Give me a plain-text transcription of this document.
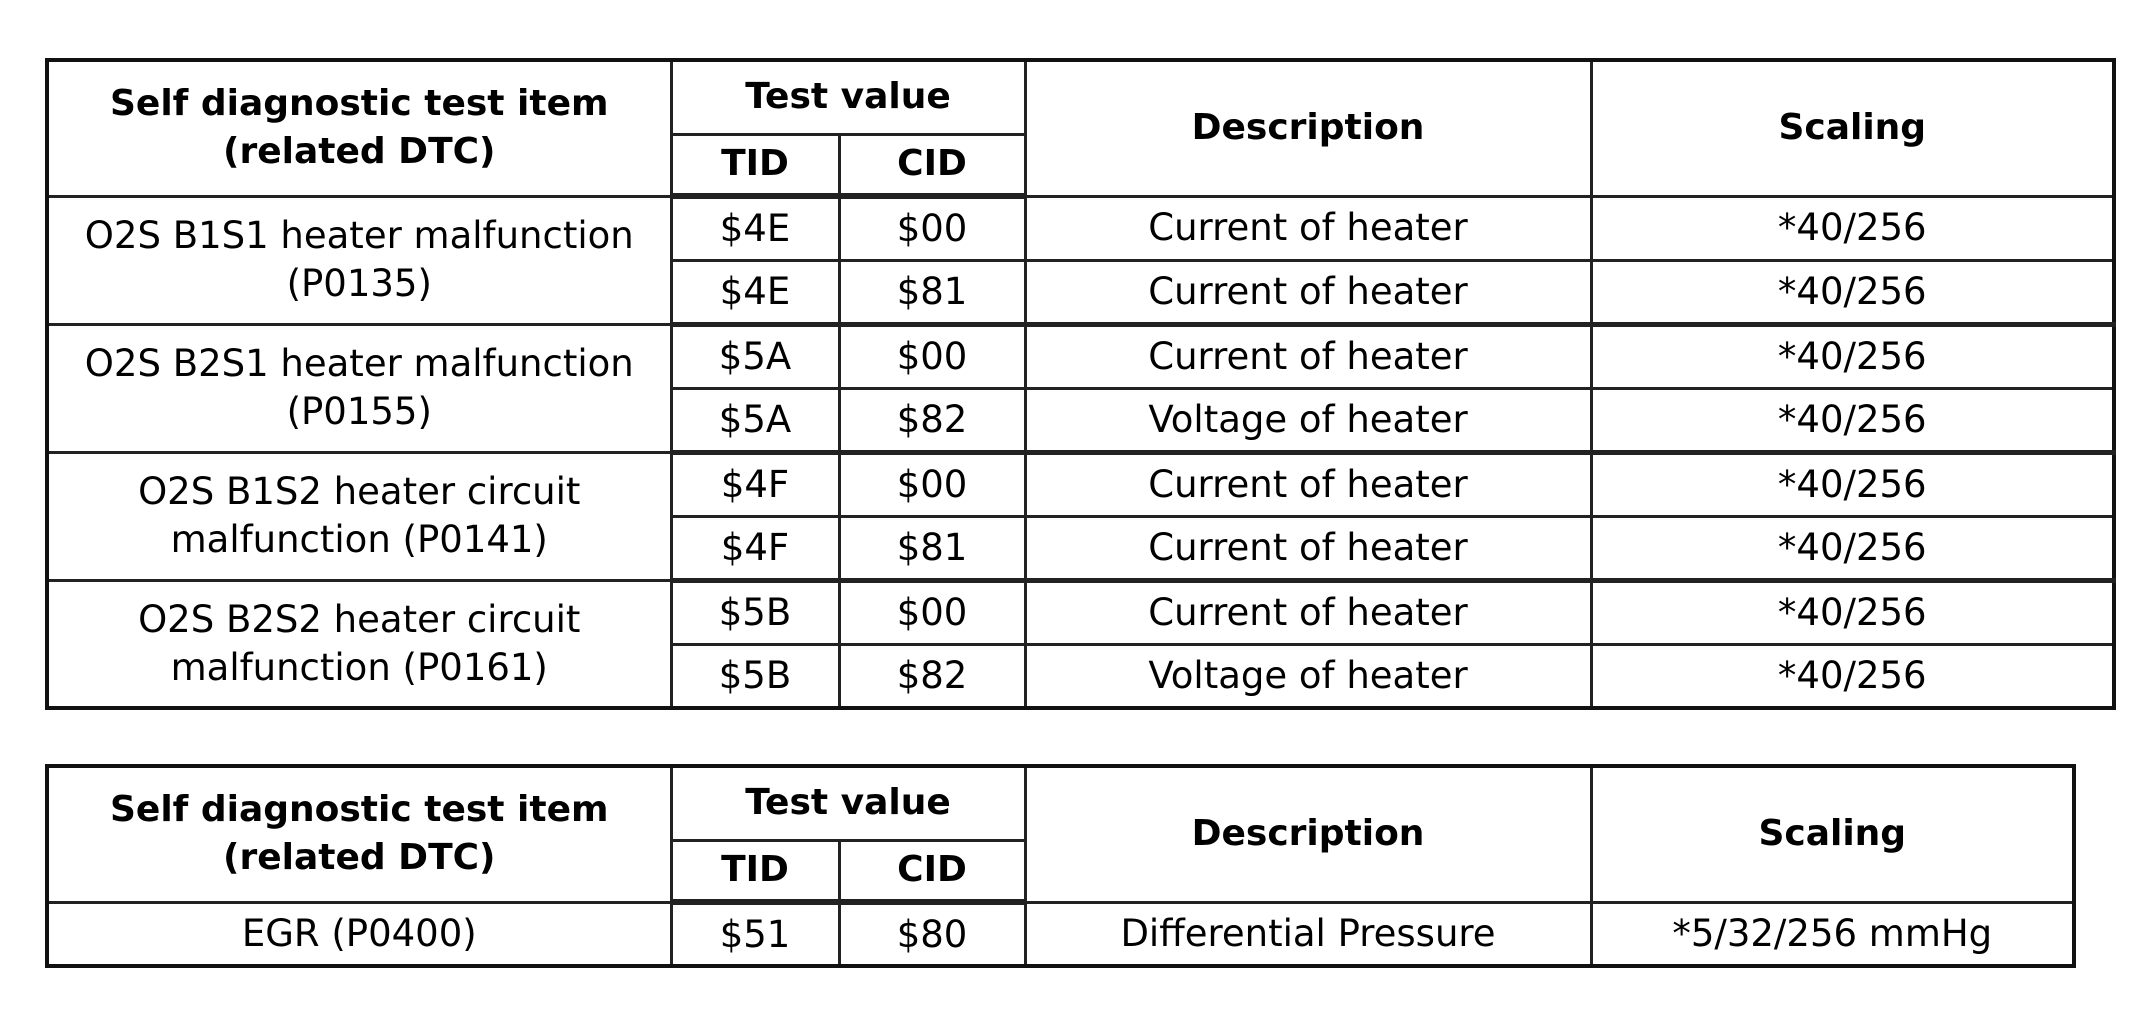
Self diagnostic test item
(related DTC)	Test value		Description	Scaling
	TID	CID		

O2S B1S1 heater malfunction
(P0135)	$4E	$00	Current of heater	*40/256
	$4E	$81	Current of heater	*40/256

O2S B2S1 heater malfunction
(P0155)	$5A	$00	Current of heater	*40/256
	$5A	$82	Voltage of heater	*40/256

O2S B1S2 heater circuit
malfunction (P0141)	$4F	$00	Current of heater	*40/256
	$4F	$81	Current of heater	*40/256

O2S B2S2 heater circuit
malfunction (P0161)	$5B	$00	Current of heater	*40/256
	$5B	$82	Voltage of heater	*40/256
Self diagnostic test item
(related DTC)	Test value		Description	Scaling
	TID	CID		
EGR (P0400)	$51	$80	Differential Pressure	*5/32/256 mmHg
